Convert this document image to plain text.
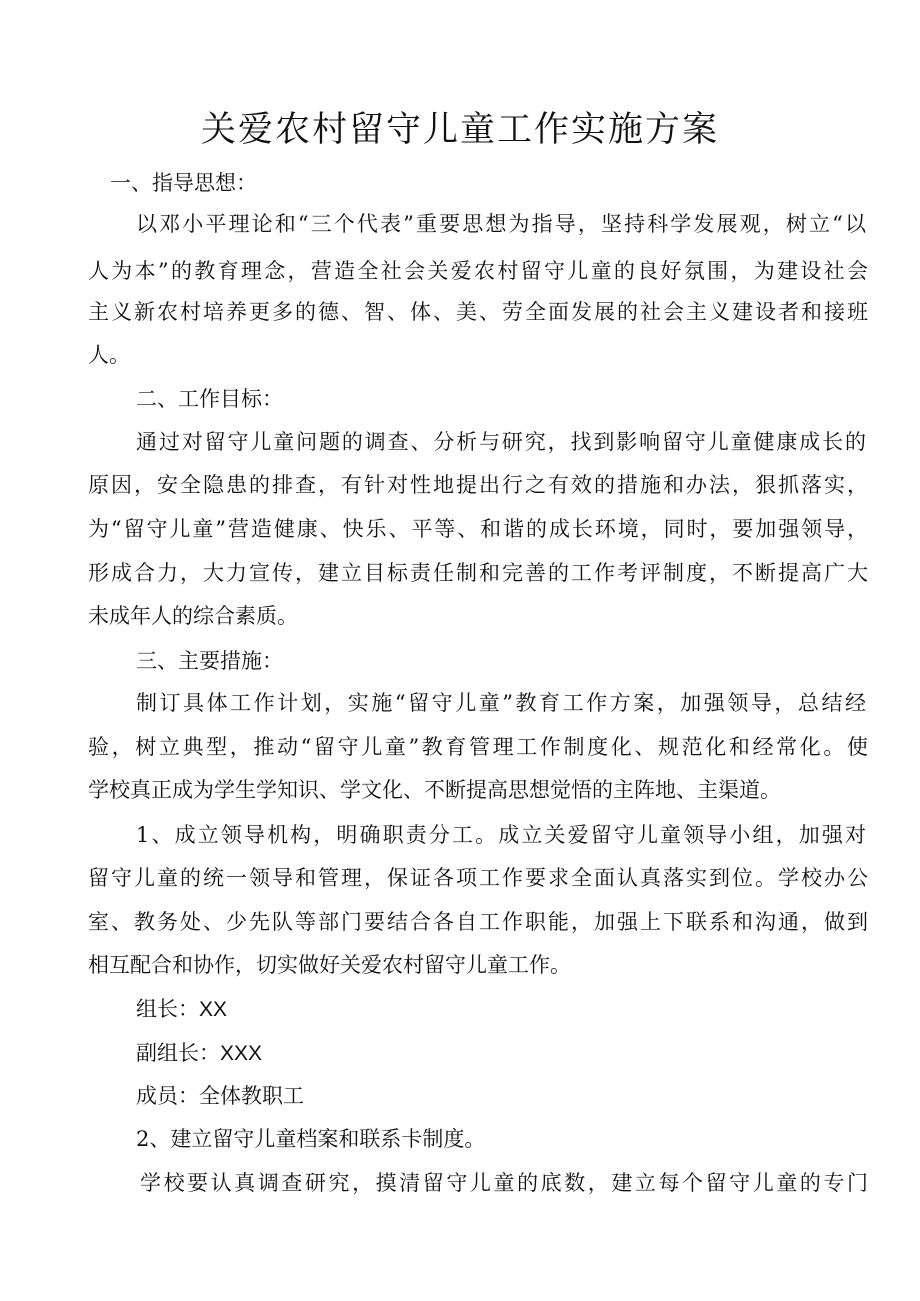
关爱农村留守儿童工作实施方案
一、指导思想：
以邓小平理论和“三个代表”重要思想为指导，坚持科学发展观，树立“以
人为本”的教育理念，营造全社会关爱农村留守儿童的良好氛围，为建设社会
主义新农村培养更多的德、智、体、美、劳全面发展的社会主义建设者和接班
人。
二、工作目标：
通过对留守儿童问题的调查、分析与研究，找到影响留守儿童健康成长的
原因，安全隐患的排查，有针对性地提出行之有效的措施和办法，狠抓落实，
为“留守儿童”营造健康、快乐、平等、和谐的成长环境，同时，要加强领导，
形成合力，大力宣传，建立目标责任制和完善的工作考评制度，不断提高广大
未成年人的综合素质。
三、主要措施：
制订具体工作计划，实施“留守儿童”教育工作方案，加强领导，总结经
验，树立典型，推动“留守儿童”教育管理工作制度化、规范化和经常化。使
学校真正成为学生学知识、学文化、不断提高思想觉悟的主阵地、主渠道。
1、成立领导机构，明确职责分工。成立关爱留守儿童领导小组，加强对
留守儿童的统一领导和管理，保证各项工作要求全面认真落实到位。学校办公
室、教务处、少先队等部门要结合各自工作职能，加强上下联系和沟通，做到
相互配合和协作，切实做好关爱农村留守儿童工作。
组长：XX
副组长：XXX
成员：全体教职工
2、建立留守儿童档案和联系卡制度。
学校要认真调查研究，摸清留守儿童的底数，建立每个留守儿童的专门
